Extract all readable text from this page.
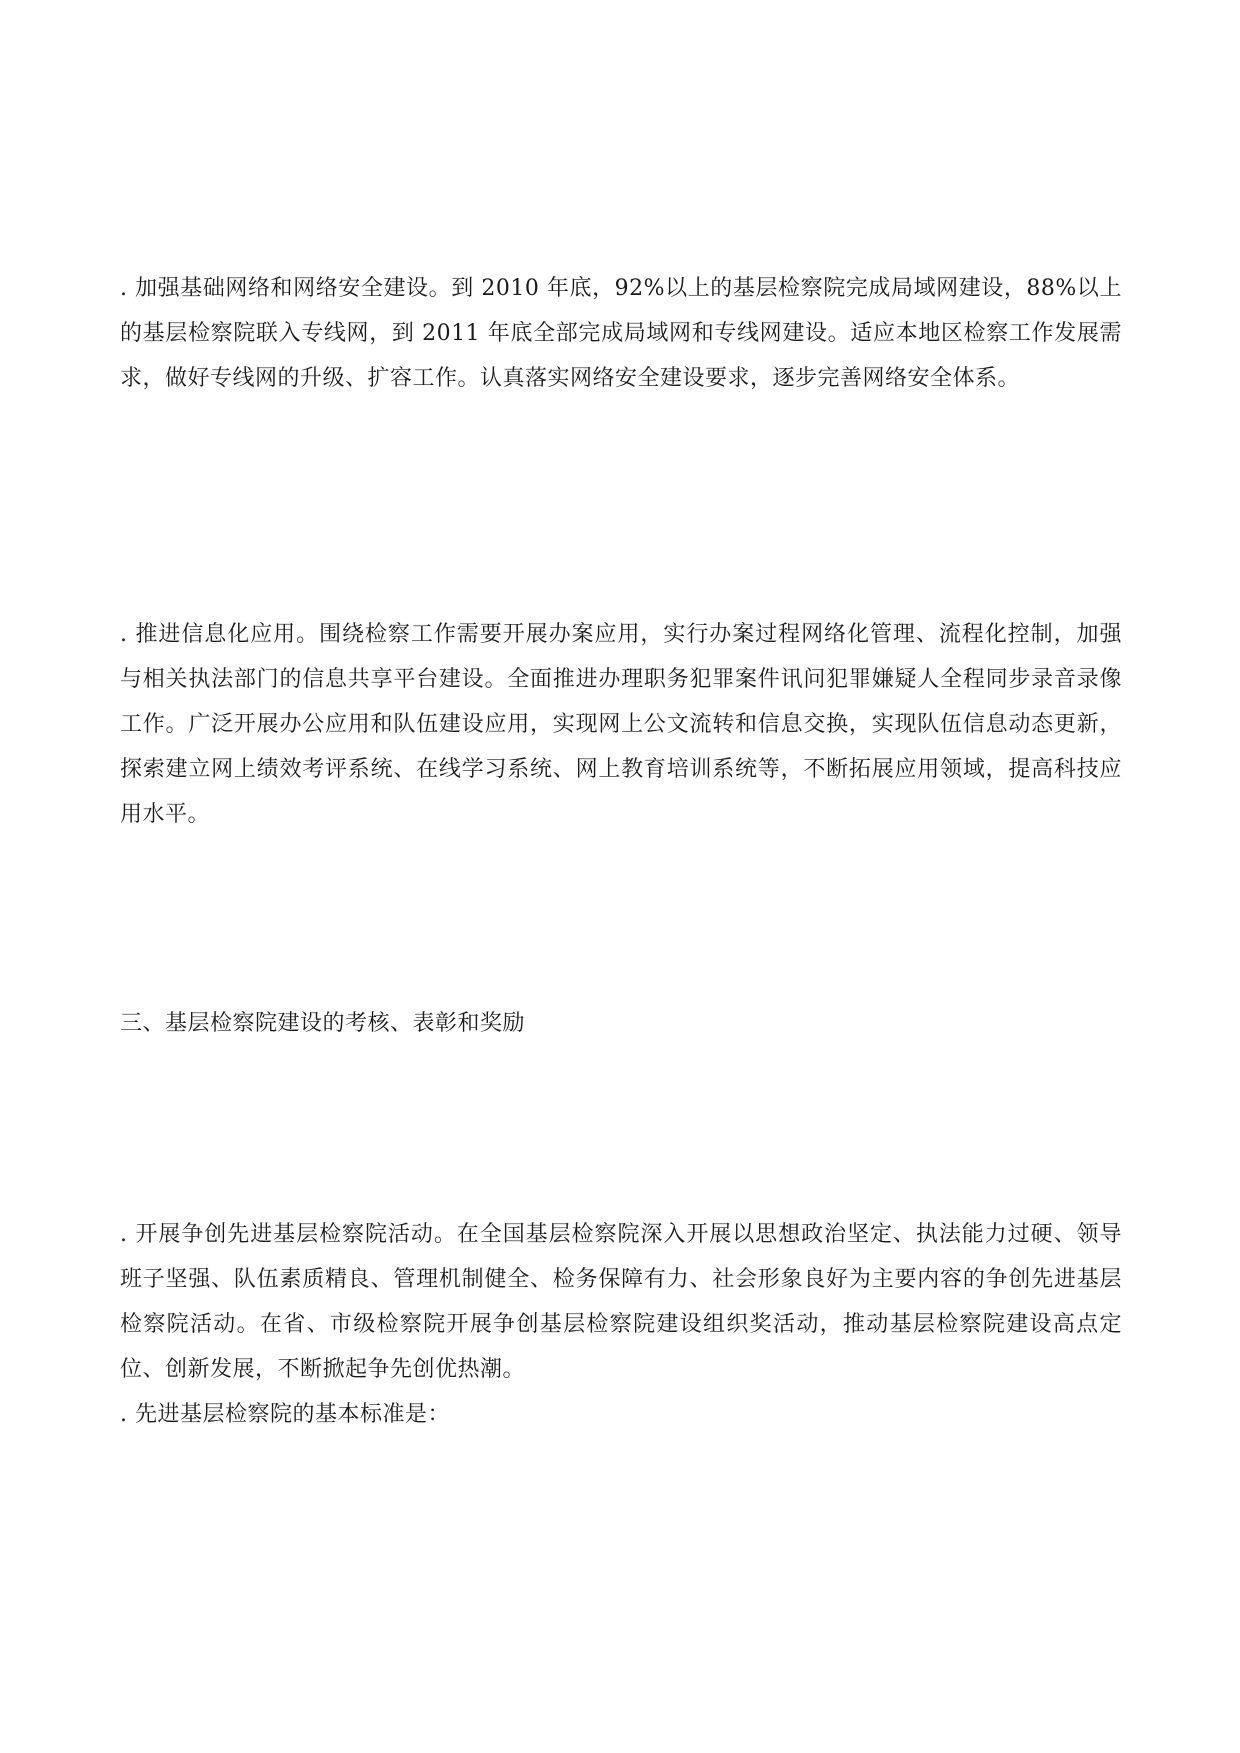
. 加强基础网络和网络安全建设。到 2010 年底，92%以上的基层检察院完成局域网建设，88%以上的基层检察院联入专线网，到 2011 年底全部完成局域网和专线网建设。适应本地区检察工作发展需求，做好专线网的升级、扩容工作。认真落实网络安全建设要求，逐步完善网络安全体系。

. 推进信息化应用。围绕检察工作需要开展办案应用，实行办案过程网络化管理、流程化控制，加强与相关执法部门的信息共享平台建设。全面推进办理职务犯罪案件讯问犯罪嫌疑人全程同步录音录像工作。广泛开展办公应用和队伍建设应用，实现网上公文流转和信息交换，实现队伍信息动态更新，探索建立网上绩效考评系统、在线学习系统、网上教育培训系统等，不断拓展应用领域，提高科技应用水平。

三、基层检察院建设的考核、表彰和奖励

. 开展争创先进基层检察院活动。在全国基层检察院深入开展以思想政治坚定、执法能力过硬、领导班子坚强、队伍素质精良、管理机制健全、检务保障有力、社会形象良好为主要内容的争创先进基层检察院活动。在省、市级检察院开展争创基层检察院建设组织奖活动，推动基层检察院建设高点定位、创新发展，不断掀起争先创优热潮。

. 先进基层检察院的基本标准是：
